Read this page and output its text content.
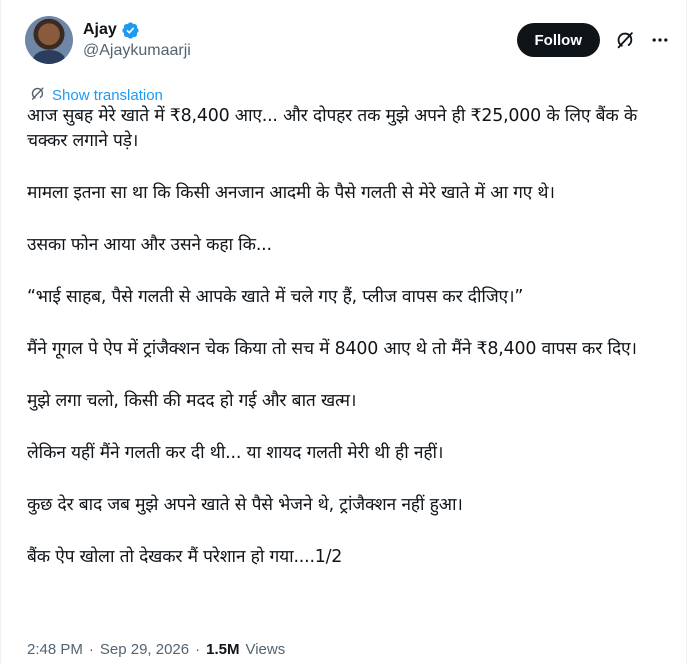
Ajay
@Ajaykumaarji
Follow
Show translation

आज सुबह मेरे खाते में ₹8,400 आए... और दोपहर तक मुझे अपने ही ₹25,000 के लिए बैंक के चक्कर लगाने पड़े।

मामला इतना सा था कि किसी अनजान आदमी के पैसे गलती से मेरे खाते में आ गए थे।

उसका फोन आया और उसने कहा कि...

“भाई साहब, पैसे गलती से आपके खाते में चले गए हैं, प्लीज वापस कर दीजिए।”

मैंने गूगल पे ऐप में ट्रांजैक्शन चेक किया तो सच में 8400 आए थे तो मैंने ₹8,400 वापस कर दिए।

मुझे लगा चलो, किसी की मदद हो गई और बात खत्म।

लेकिन यहीं मैंने गलती कर दी थी... या शायद गलती मेरी थी ही नहीं।

कुछ देर बाद जब मुझे अपने खाते से पैसे भेजने थे, ट्रांजैक्शन नहीं हुआ।

बैंक ऐप खोला तो देखकर मैं परेशान हो गया....1/2

2:48 PM · Sep 29, 2026 · 1.5M Views
